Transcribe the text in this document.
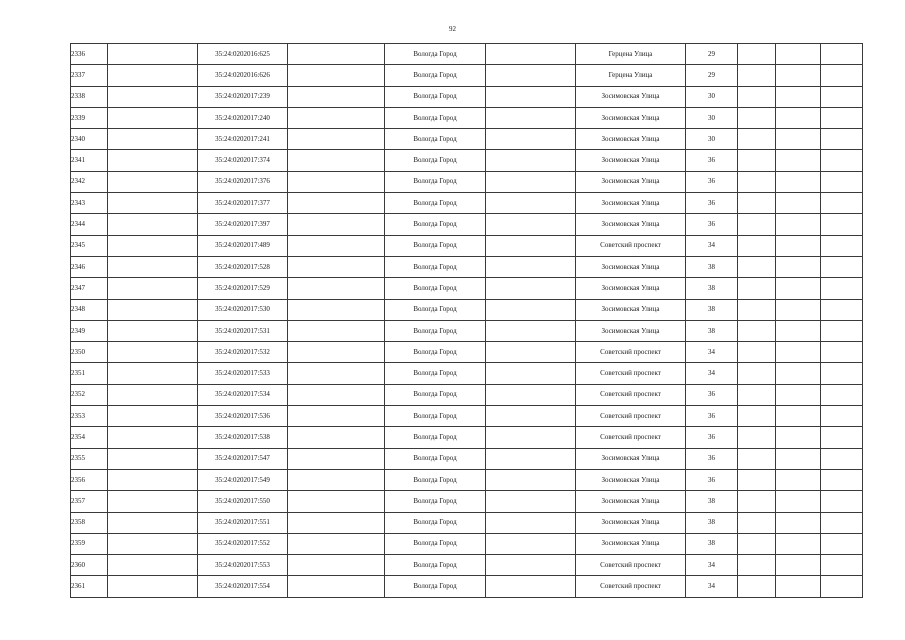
92
2336		35:24:0202016:625		Вологда Город		Герцена Улица	29			
2337		35:24:0202016:626		Вологда Город		Герцена Улица	29			
2338		35:24:0202017:239		Вологда Город		Зосимовская Улица	30			
2339		35:24:0202017:240		Вологда Город		Зосимовская Улица	30			
2340		35:24:0202017:241		Вологда Город		Зосимовская Улица	30			
2341		35:24:0202017:374		Вологда Город		Зосимовская Улица	36			
2342		35:24:0202017:376		Вологда Город		Зосимовская Улица	36			
2343		35:24:0202017:377		Вологда Город		Зосимовская Улица	36			
2344		35:24:0202017:397		Вологда Город		Зосимовская Улица	36			
2345		35:24:0202017:489		Вологда Город		Советский проспект	34			
2346		35:24:0202017:528		Вологда Город		Зосимовская Улица	38			
2347		35:24:0202017:529		Вологда Город		Зосимовская Улица	38			
2348		35:24:0202017:530		Вологда Город		Зосимовская Улица	38			
2349		35:24:0202017:531		Вологда Город		Зосимовская Улица	38			
2350		35:24:0202017:532		Вологда Город		Советский проспект	34			
2351		35:24:0202017:533		Вологда Город		Советский проспект	34			
2352		35:24:0202017:534		Вологда Город		Советский проспект	36			
2353		35:24:0202017:536		Вологда Город		Советский проспект	36			
2354		35:24:0202017:538		Вологда Город		Советский проспект	36			
2355		35:24:0202017:547		Вологда Город		Зосимовская Улица	36			
2356		35:24:0202017:549		Вологда Город		Зосимовская Улица	36			
2357		35:24:0202017:550		Вологда Город		Зосимовская Улица	38			
2358		35:24:0202017:551		Вологда Город		Зосимовская Улица	38			
2359		35:24:0202017:552		Вологда Город		Зосимовская Улица	38			
2360		35:24:0202017:553		Вологда Город		Советский проспект	34			
2361		35:24:0202017:554		Вологда Город		Советский проспект	34			
